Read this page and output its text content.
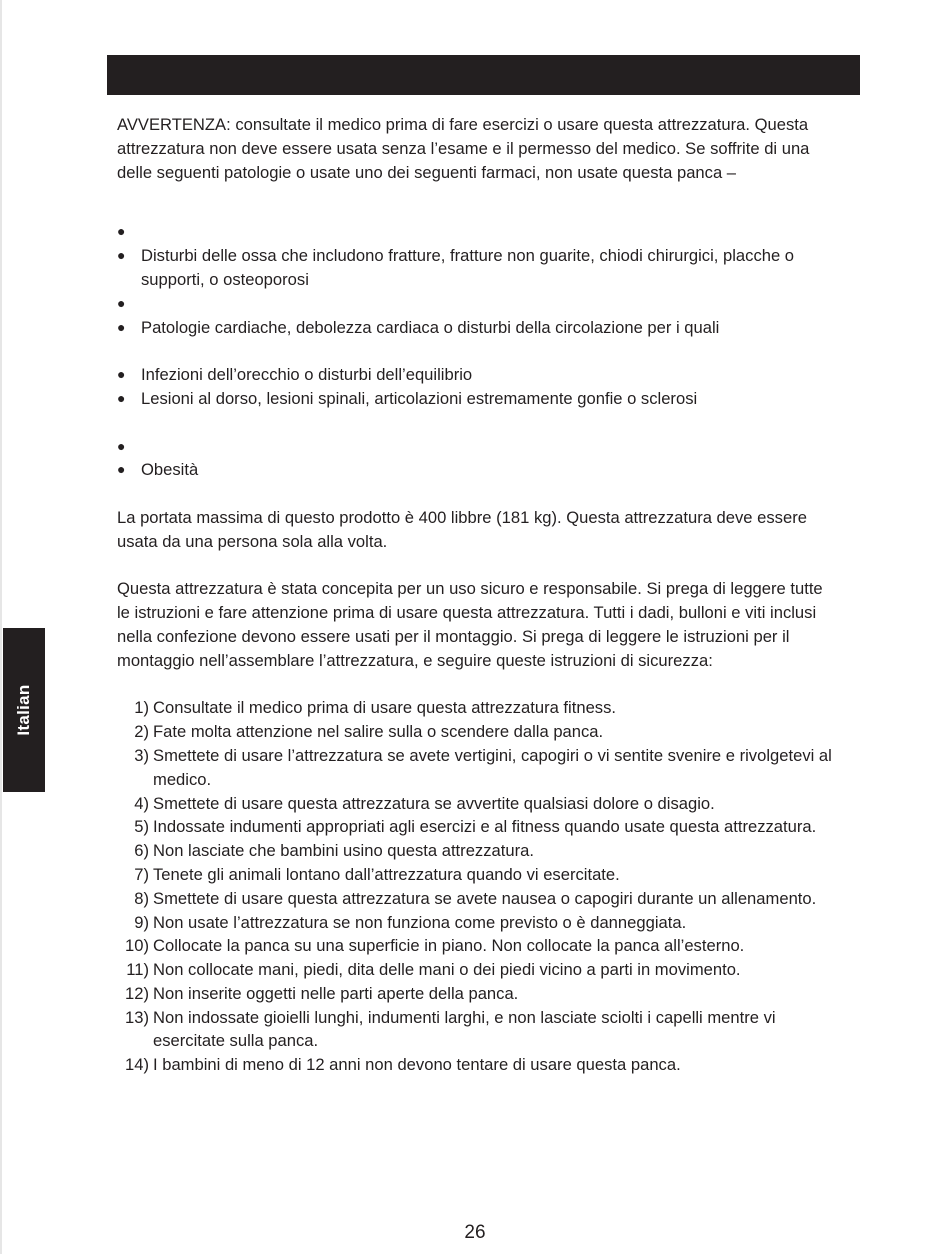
Italian

AVVERTENZA: consultate il medico prima di fare esercizi o usare questa attrezzatura. Questa attrezzatura non deve essere usata senza l’esame e il permesso del medico. Se soffrite di una delle seguenti patologie o usate uno dei seguenti farmaci, non usate questa panca –

●
● Disturbi delle ossa che includono fratture, fratture non guarite, chiodi chirurgici, placche o supporti, o osteoporosi
●
● Patologie cardiache, debolezza cardiaca o disturbi della circolazione per i quali
● Infezioni dell’orecchio o disturbi dell’equilibrio
● Lesioni al dorso, lesioni spinali, articolazioni estremamente gonfie o sclerosi
●
● Obesità

La portata massima di questo prodotto è 400 libbre (181 kg). Questa attrezzatura deve essere usata da una persona sola alla volta.

Questa attrezzatura è stata concepita per un uso sicuro e responsabile. Si prega di leggere tutte le istruzioni e fare attenzione prima di usare questa attrezzatura. Tutti i dadi, bulloni e viti inclusi nella confezione devono essere usati per il montaggio. Si prega di leggere le istruzioni per il montaggio nell’assemblare l’attrezzatura, e seguire queste istruzioni di sicurezza:

1) Consultate il medico prima di usare questa attrezzatura fitness.
2) Fate molta attenzione nel salire sulla o scendere dalla panca.
3) Smettete di usare l’attrezzatura se avete vertigini, capogiri o vi sentite svenire e rivolgetevi al medico.
4) Smettete di usare questa attrezzatura se avvertite qualsiasi dolore o disagio.
5) Indossate indumenti appropriati agli esercizi e al fitness quando usate questa attrezzatura.
6) Non lasciate che bambini usino questa attrezzatura.
7) Tenete gli animali lontano dall’attrezzatura quando vi esercitate.
8) Smettete di usare questa attrezzatura se avete nausea o capogiri durante un allenamento.
9) Non usate l’attrezzatura se non funziona come previsto o è danneggiata.
10) Collocate la panca su una superficie in piano. Non collocate la panca all’esterno.
11) Non collocate mani, piedi, dita delle mani o dei piedi vicino a parti in movimento.
12) Non inserite oggetti nelle parti aperte della panca.
13) Non indossate gioielli lunghi, indumenti larghi, e non lasciate sciolti i capelli mentre vi esercitate sulla panca.
14) I bambini di meno di 12 anni non devono tentare di usare questa panca.
26
